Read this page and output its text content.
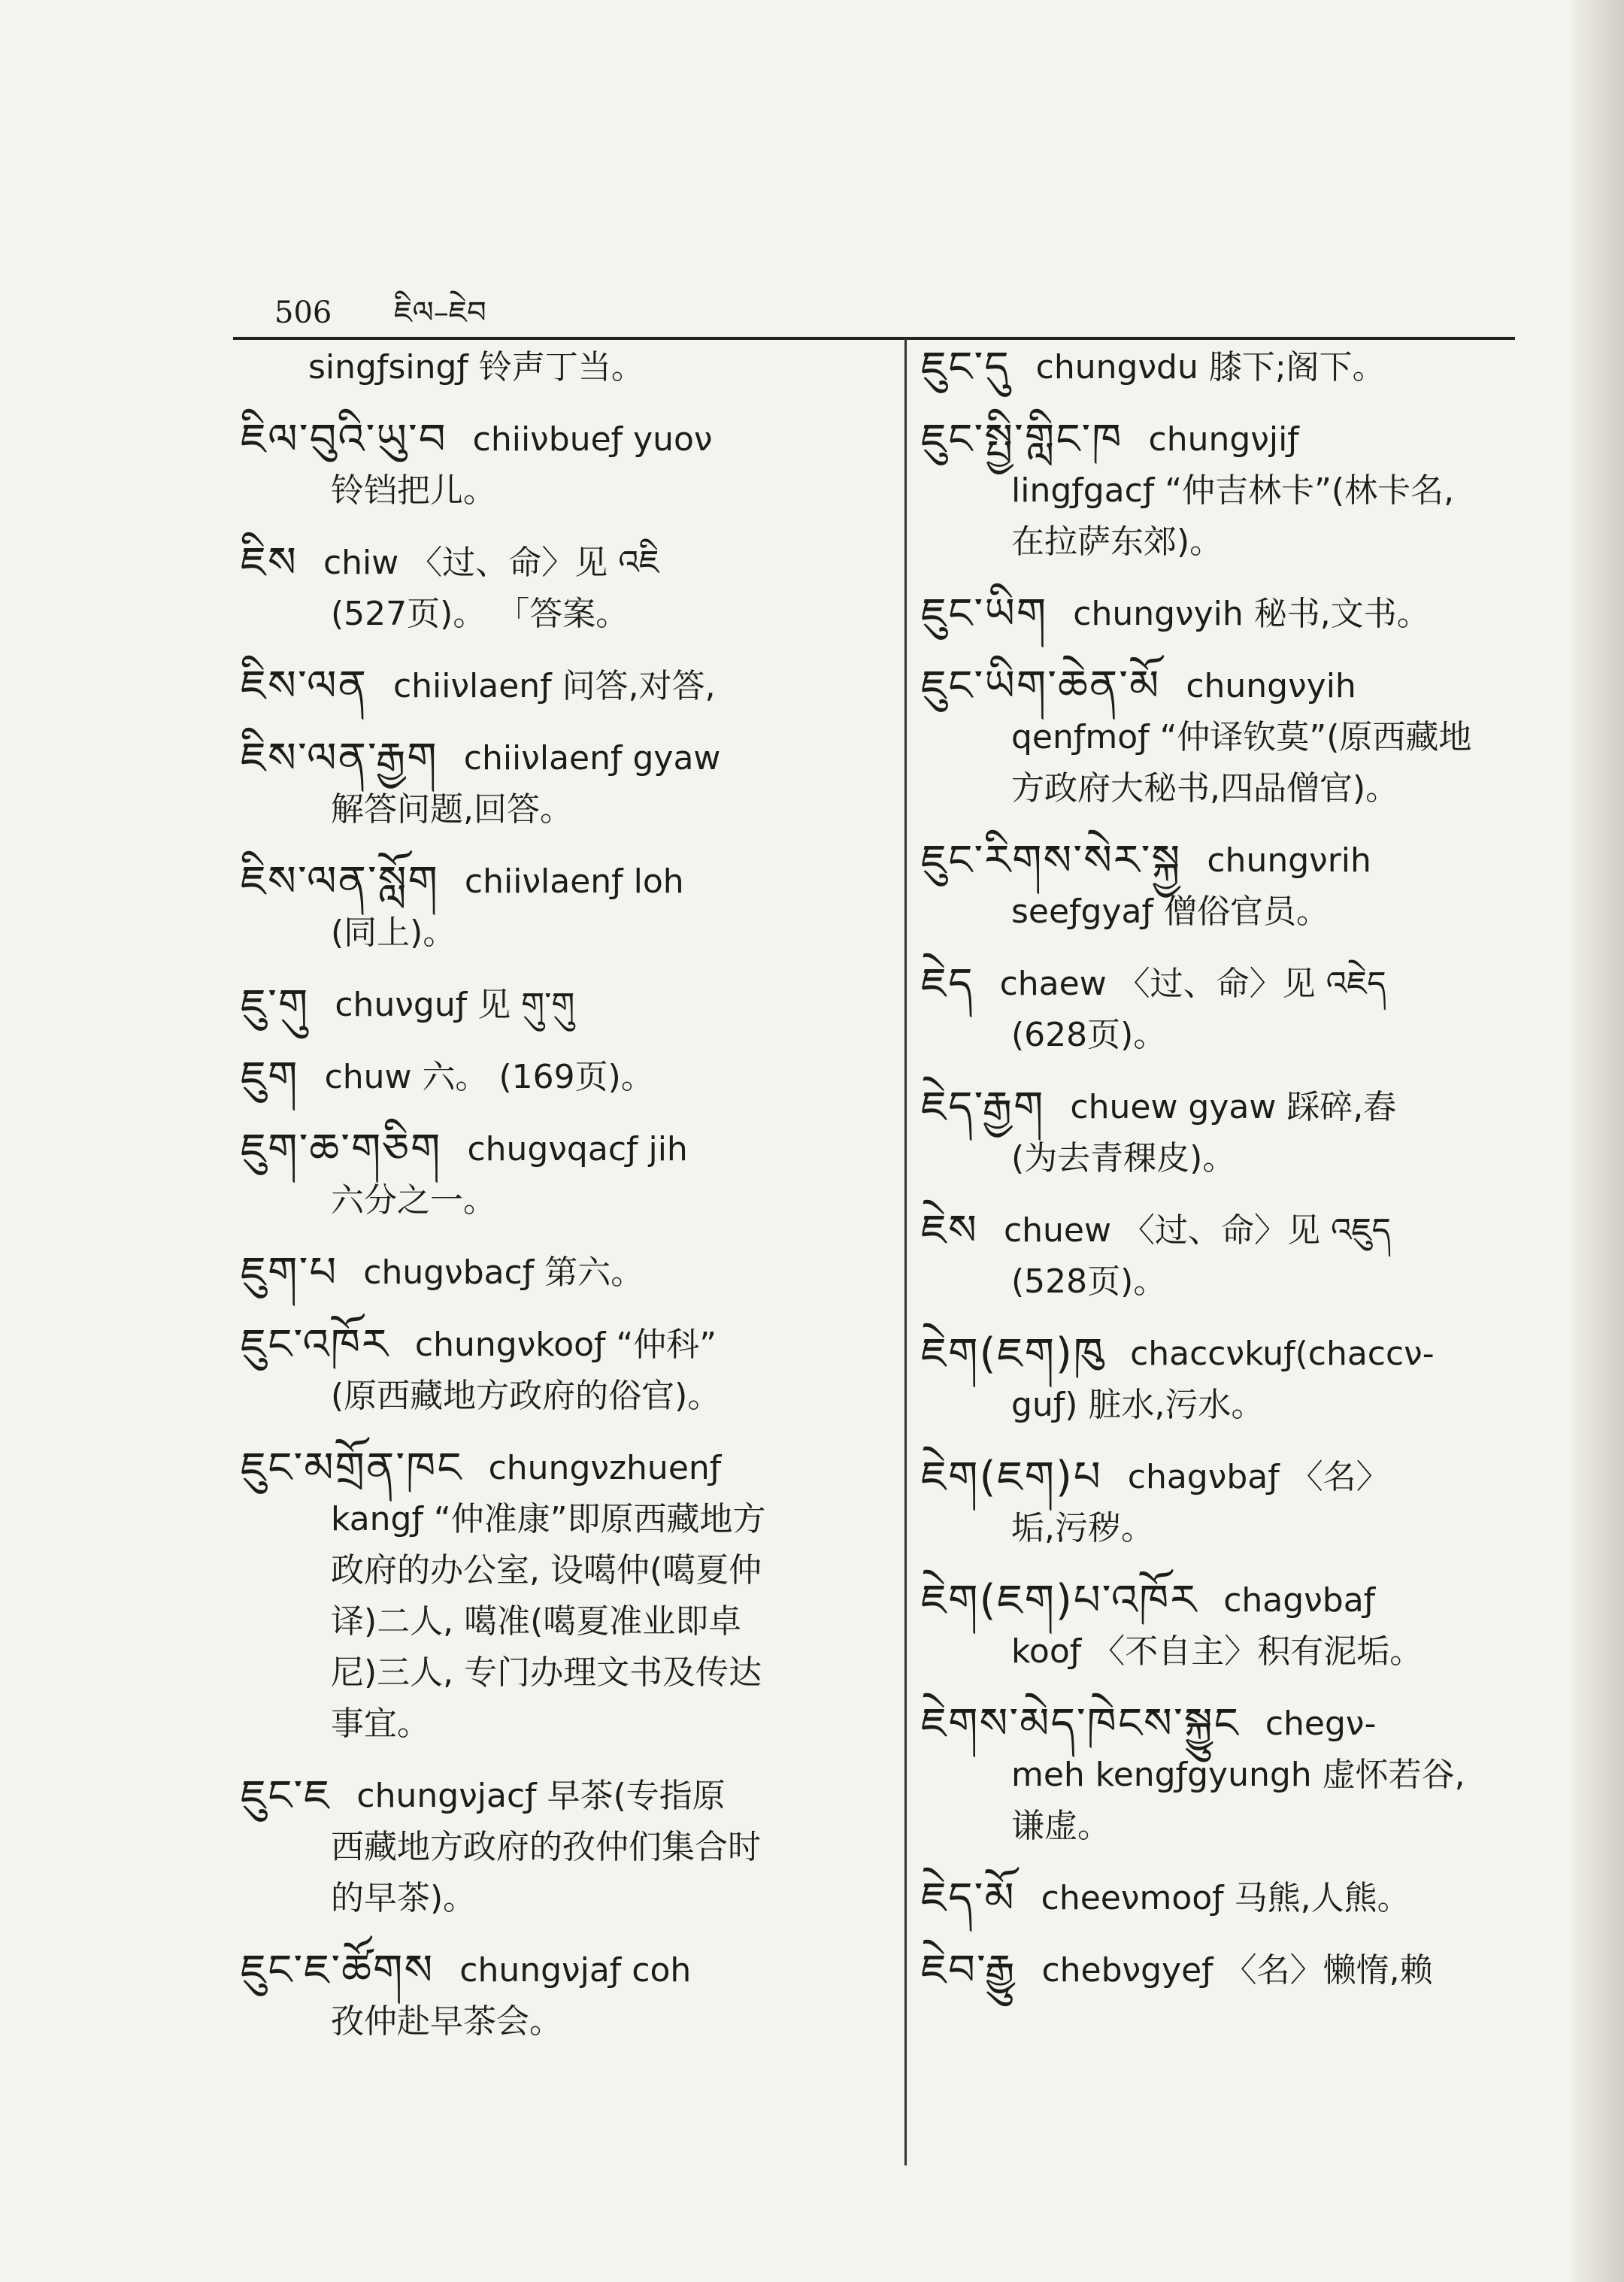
506 ཇིལ–ཇེབ
singƒsingƒ 铃声丁当。
ཇིལ་བུའི་ཡུ་བ chiiνbueƒ yuoν
铃铛把儿。
ཇིས chiw 〈过、命〉见 འཇི
(527页)。 「答案。
ཇིས་ལན chiiνlaenƒ 问答,对答,
ཇིས་ལན་རྒྱག chiiνlaenƒ gyaw
解答问题,回答。
ཇིས་ལན་སློག chiiνlaenƒ loh
(同上)。
ཇུ་གུ chuνguƒ 见 གུ་གུ
ཇུག chuw 六。 (169页)。
ཇུག་ཆ་གཅིག chugνqacƒ jih
六分之一。
ཇུག་པ chugνbacƒ 第六。
ཇུང་འཁོར chungνkooƒ “仲科”
(原西藏地方政府的俗官)。
ཇུང་མགྲོན་ཁང chungνzhuenƒ
kangƒ “仲准康”即原西藏地方
政府的办公室, 设噶仲(噶夏仲
译)二人, 噶准(噶夏准业即卓
尼)三人, 专门办理文书及传达
事宜。
ཇུང་ཇ chungνjacƒ 早茶(专指原
西藏地方政府的孜仲们集合时
的早茶)。
ཇུང་ཇ་ཚོགས chungνjaƒ coh
孜仲赴早茶会。
ཇུང་དུ chungνdu 膝下;阁下。
ཇུང་སྤྱི་གླིང་ཁ chungνjiƒ
lingƒgacƒ “仲吉林卡”(林卡名,
在拉萨东郊)。
ཇུང་ཡིག chungνyih 秘书,文书。
ཇུང་ཡིག་ཆེན་མོ chungνyih
qenƒmoƒ “仲译钦莫”(原西藏地
方政府大秘书,四品僧官)。
ཇུང་རིགས་སེར་སྐྱ chungνrih
seeƒgyaƒ 僧俗官员。
ཇེད chaew 〈过、命〉见 འཇེད
(628页)。
ཇེད་རྒྱག chuew gyaw 踩碎,舂
(为去青稞皮)。
ཇེས chuew 〈过、命〉见 འཇུད
(528页)。
ཇེག(ཇག)ཁུ chaccνkuƒ(chaccν-
guƒ) 脏水,污水。
ཇེག(ཇག)པ chagνbaƒ 〈名〉
垢,污秽。
ཇེག(ཇག)པ་འཁོར chagνbaƒ
kooƒ 〈不自主〉积有泥垢。
ཇེགས་མེད་ཁེངས་སྐྱུང chegν-
meh kengƒgyungh 虚怀若谷,
谦虚。
ཇེད་མོ cheeνmooƒ 马熊,人熊。
ཇེབ་རྒྱུ chebνgyeƒ 〈名〉懒惰,赖
